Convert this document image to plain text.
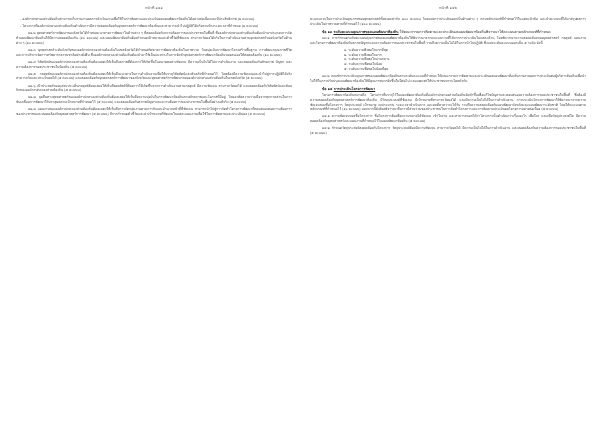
หน้าที่ ๑๔๑

- องค์กรปกครองส่วนท้องถิ่นสามารถเก็บรายงานผลการดำเนินงานเพื่อใช้ในการติดตามและประเมินผลแผนพัฒนาท้องถิ่นได้อย่างต่อเนื่องและมีประสิทธิภาพ (๒ คะแนน)

- โครงการที่องค์กรปกครองส่วนท้องถิ่นดำเนินการมีความสอดคล้องกับยุทธศาสตร์การพัฒนาท้องถิ่นและสามารถนำไปปฏิบัติได้จริงตามห้วงระยะเวลาที่กำหนด (๒ คะแนน)

๑๒.๒ ยุทธศาสตร์การพัฒนาของจังหวัดได้กำหนดแนวทางการพัฒนาในด้านต่าง ๆ ที่สอดคล้องกับความต้องการของประชาชนในพื้นที่ ซึ่งองค์กรปกครองส่วนท้องถิ่นต้องนำมาประกอบการจัดทำแผนพัฒนาท้องถิ่นให้มีความสอดคล้องกัน (๑๐ คะแนน) และแผนพัฒนาท้องถิ่นต้องกำหนดเป้าหมายและตัวชี้วัดที่ชัดเจน สามารถวัดผลได้จริงในการดำเนินงานตามยุทธศาสตร์ของจังหวัดในด้านต่าง ๆ (๑๐ คะแนน)

๑๒.๓ ยุทธศาสตร์ระดับจังหวัดขององค์กรปกครองส่วนท้องถิ่นในเขตจังหวัดได้กำหนดทิศทางการพัฒนาท้องถิ่นในภาพรวม โดยมุ่งเน้นการพัฒนาโครงสร้างพื้นฐาน การพัฒนาคุณภาพชีวิต และการบริหารจัดการทรัพยากรธรรมชาติอย่างยั่งยืน ซึ่งองค์กรปกครองส่วนท้องถิ่นต้องนำมาใช้เป็นแนวทางในการจัดทำยุทธศาสตร์การพัฒนาท้องถิ่นของตนเองให้สอดคล้องกัน (๑๐ คะแนน)

๑๒.๔ วิสัยทัศน์ขององค์กรปกครองส่วนท้องถิ่นต้องแสดงให้เห็นถึงสภาพที่ต้องการให้เกิดขึ้นในอนาคตอย่างชัดเจน มีความเป็นไปได้ในการดำเนินงาน และสอดคล้องกับศักยภาพ ปัญหา และความต้องการของประชาชนในท้องถิ่น (๕ คะแนน)

๑๒.๕ กลยุทธ์ขององค์กรปกครองส่วนท้องถิ่นต้องแสดงให้เห็นถึงแนวทางในการดำเนินงานเพื่อให้บรรลุวิสัยทัศน์และพันธกิจที่กำหนดไว้ โดยต้องมีความชัดเจนและนำไปสู่การปฏิบัติได้จริง สามารถวัดและประเมินผลได้ (๕ คะแนน) และสอดคล้องกับยุทธศาสตร์การพัฒนาของจังหวัดและยุทธศาสตร์การพัฒนาขององค์กรปกครองส่วนท้องถิ่นในเขตจังหวัด (๕ คะแนน)

๑๒.๖ เป้าประสงค์ของแต่ละประเด็นกลยุทธ์ต้องแสดงให้เห็นถึงผลลัพธ์ที่ต้องการให้เกิดขึ้นจากการดำเนินงานตามกลยุทธ์ มีความชัดเจน สามารถวัดผลได้ และสอดคล้องกับวิสัยทัศน์และพันธกิจขององค์กรปกครองส่วนท้องถิ่น (๕ คะแนน)

๑๒.๗ จุดยืนทางยุทธศาสตร์ขององค์กรปกครองส่วนท้องถิ่นต้องแสดงให้เห็นถึงความมุ่งมั่นในการพัฒนาท้องถิ่นตามศักยภาพและโอกาสที่มีอยู่ โดยอาศัยความร่วมมือจากทุกภาคส่วนในการขับเคลื่อนการพัฒนาให้บรรลุผลตามเป้าหมายที่กำหนดไว้ (๕ คะแนน) และสอดคล้องกับสภาพปัญหาและความต้องการของประชาชนในพื้นที่อย่างแท้จริง (๕ คะแนน)

๑๒.๘ แผนงานขององค์กรปกครองส่วนท้องถิ่นต้องแสดงให้เห็นถึงการจัดกลุ่มงานตามภารกิจและอำนาจหน้าที่ที่ชัดเจน สามารถนำไปสู่การจัดทำโครงการพัฒนาที่ตอบสนองต่อความต้องการของประชาชนและสอดคล้องกับยุทธศาสตร์การพัฒนา (๕ คะแนน) มีการกำหนดตัวชี้วัดและค่าเป้าหมายที่ชัดเจนในแต่ละแผนงานเพื่อใช้ในการติดตามและประเมินผล (๕ คะแนน)

หน้าที่ ๑๔๒

คะแนนรวมในการประเมินคุณภาพของยุทธศาสตร์ทั้งหมดเท่ากับ ๑๐๐ คะแนน โดยแบ่งการประเมินออกเป็นด้านต่าง ๆ ตามหลักเกณฑ์ที่กำหนดไว้ในแต่ละหัวข้อ และนำคะแนนที่ได้มาสรุปผลการประเมินในภาพรวมตามที่กำหนดไว้ (๑๐๐ คะแนน)

ข้อ ๑๓ ระดับคะแนนคุณภาพของแผนพัฒนาท้องถิ่น ให้คณะกรรมการติดตามและประเมินผลแผนพัฒนาท้องถิ่นพิจารณาให้คะแนนตามหลักเกณฑ์ที่กำหนด

๑๓.๑ การกำหนดระดับคะแนนคุณภาพของแผนพัฒนาท้องถิ่นให้พิจารณาจากคะแนนรวมที่ได้จากการประเมินในแต่ละด้าน โดยพิจารณาความสอดคล้องของยุทธศาสตร์ กลยุทธ์ แผนงาน และโครงการพัฒนาท้องถิ่นกับสภาพปัญหาและความต้องการของประชาชนในพื้นที่ รวมถึงความเป็นไปได้ในการนำไปปฏิบัติ ซึ่งแบ่งระดับคะแนนออกเป็น ๕ ระดับ ดังนี้

๑. ระดับความพึงพอใจมากที่สุด
๒. ระดับความพึงพอใจมาก
๓. ระดับความพึงพอใจปานกลาง
๔. ระดับความพึงพอใจน้อย
๕. ระดับความพึงพอใจน้อยที่สุด

๑๓.๒ เกณฑ์การประเมินคุณภาพของแผนพัฒนาท้องถิ่นตามระดับคะแนนที่กำหนด ให้คณะกรรมการติดตามและประเมินผลแผนพัฒนาท้องถิ่นรายงานผลการประเมินต่อผู้บริหารท้องถิ่นเพื่อนำไปใช้ในการปรับปรุงแผนพัฒนาท้องถิ่นให้มีคุณภาพมากยิ่งขึ้นในปีต่อไป และเผยแพร่ให้ประชาชนทราบโดยทั่วกัน

ข้อ ๑๔ การประเมินโครงการพัฒนา

โครงการพัฒนาท้องถิ่นหมายถึง โครงการที่บรรจุไว้ในแผนพัฒนาท้องถิ่นที่องค์กรปกครองส่วนท้องถิ่นจัดทำขึ้นเพื่อแก้ไขปัญหาและตอบสนองความต้องการของประชาชนในพื้นที่ ซึ่งต้องมีความสอดคล้องกับยุทธศาสตร์การพัฒนาท้องถิ่น มีวัตถุประสงค์ที่ชัดเจน มีเป้าหมายที่สามารถวัดผลได้ และมีความเป็นไปได้ในการดำเนินงาน การประเมินโครงการพัฒนาให้พิจารณาจากความชัดเจนของชื่อโครงการ วัตถุประสงค์ เป้าหมาย งบประมาณ ระยะเวลาดำเนินการ และผลที่คาดว่าจะได้รับ รวมถึงความสอดคล้องกับแผนพัฒนาจังหวัดและแผนพัฒนาระดับชาติ โดยให้คะแนนตามหลักเกณฑ์ที่กำหนดไว้ (๑๐ คะแนน) นอกจากนี้ยังต้องพิจารณาถึงการมีส่วนร่วมของประชาชนในการจัดทำโครงการและการติดตามประเมินผลโครงการอย่างต่อเนื่อง (๕ คะแนน)

๑๔.๑ ความชัดเจนของชื่อโครงการ ชื่อโครงการต้องสื่อความหมายได้ชัดเจน เข้าใจง่าย และสามารถบอกได้ว่าโครงการนั้นดำเนินการเรื่องอะไร เพื่อใคร และเพื่อวัตถุประสงค์ใด มีความสอดคล้องกับยุทธศาสตร์และแผนงานที่กำหนดไว้ในแผนพัฒนาท้องถิ่น (๕ คะแนน)

๑๔.๒ กำหนดวัตถุประสงค์สอดคล้องกับโครงการ วัตถุประสงค์ต้องมีความชัดเจน สามารถวัดผลได้ มีความเป็นไปได้ในการดำเนินงาน และสอดคล้องกับความต้องการของประชาชนในพื้นที่ (๕ คะแนน)
